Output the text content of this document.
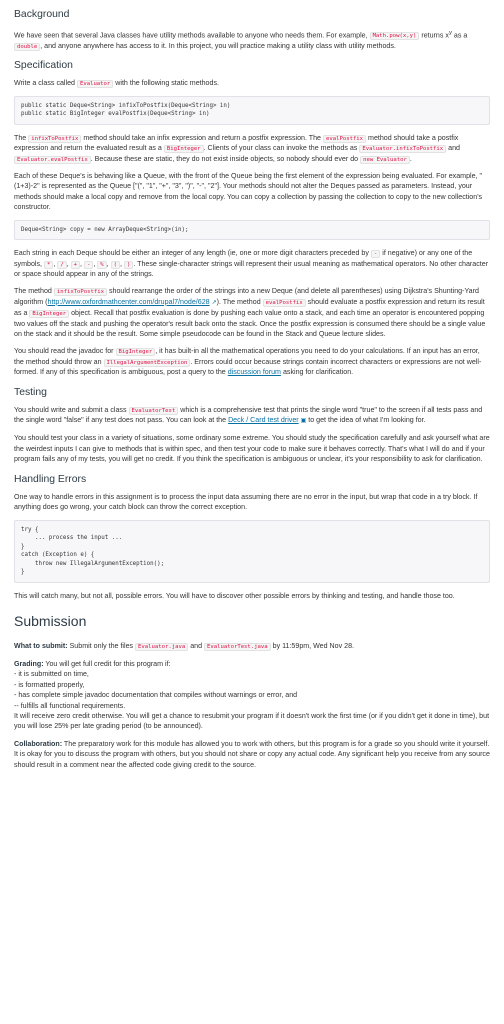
Background

We have seen that several Java classes have utility methods available to anyone who needs them. For example, Math.pow(x,y) returns $x^y$ as a double , and anyone anywhere has access to it. In this project, you will practice making a utility class with utility methods.

Specification

Write a class called Evaluator with the following static methods.

public static Deque<String> infixToPostfix(Deque<String> in)
public static BigInteger evalPostfix(Deque<String> in)

The infixToPostfix method should take an infix expression and return a postfix expression. The evalPostfix method should take a postfix expression and return the evaluated result as a BigInteger . Clients of your class can invoke the methods as Evaluator.infixToPostfix and Evaluator.evalPostfix . Because these are static, they do not exist inside objects, so nobody should ever do new Evaluator .

Each of these Deque's is behaving like a Queue, with the front of the Queue being the first element of the expression being evaluated. For example, "(1+3)-2" is represented as the Queue ["(", "1", "+", "3", ")", "-", "2"]. Your methods should not alter the Deques passed as parameters. Instead, your methods should make a local copy and remove from the local copy. You can copy a collection by passing the collection to copy to the new collection's constructor.

Deque<String> copy = new ArrayDeque<String>(in);

Each string in each Deque should be either an integer of any length (ie, one or more digit characters preceded by - if negative) or any one of the symbols, * , / , + , - , % , ( , ) . These single-character strings will represent their usual meaning as mathematical operators. No other character or space should appear in any of the strings.

The method infixToPostfix should rearrange the order of the strings into a new Deque (and delete all parentheses) using Dijkstra's Shunting-Yard algorithm (http://www.oxfordmathcenter.com/drupal7/node/628 ↗). The method evalPostfix should evaluate a postfix expression and return its result as a BigInteger object. Recall that postfix evaluation is done by pushing each value onto a stack, and each time an operator is encountered popping two values off the stack and pushing the operator's result back onto the stack. Once the postfix expression is consumed there should be a single value on the stack and it should be the result. Some simple pseudocode can be found in the Stack and Queue lecture slides.

You should read the javadoc for BigInteger , it has built-in all the mathematical operations you need to do your calculations. If an input has an error, the method should throw an IllegalArgumentException . Errors could occur because strings contain incorrect characters or expressions are not well-formed. If any of this specification is ambiguous, post a query to the discussion forum asking for clarification.

Testing

You should write and submit a class EvaluatorTest which is a comprehensive test that prints the single word "true" to the screen if all tests pass and the single word "false" if any test does not pass. You can look at the Deck / Card test driver ▣ to get the idea of what I'm looking for.

You should test your class in a variety of situations, some ordinary some extreme. You should study the specification carefully and ask yourself what are the weirdest inputs I can give to methods that is within spec, and then test your code to make sure it behaves correctly. That's what I will do and if your program fails any of my tests, you will get no credit. If you think the specification is ambiguous or unclear, it's your responsibility to ask for clarification.

Handling Errors

One way to handle errors in this assignment is to process the input data assuming there are no error in the input, but wrap that code in a try block. If anything does go wrong, your catch block can throw the correct exception.

try {
... process the input ...
}
catch (Exception e) {
throw new IllegalArgumentException();
}

This will catch many, but not all, possible errors. You will have to discover other possible errors by thinking and testing, and handle those too.

Submission

What to submit: Submit only the files Evaluator.java and EvaluatorTest.java by 11:59pm, Wed Nov 28.

Grading: You will get full credit for this program if:
- it is submitted on time,
- is formatted properly,
- has complete simple javadoc documentation that compiles without warnings or error, and
-- fulfills all functional requirements.
It will receive zero credit otherwise. You will get a chance to resubmit your program if it doesn't work the first time (or if you didn't get it done in time), but you will lose 25% per late grading period (to be announced).

Collaboration: The preparatory work for this module has allowed you to work with others, but this program is for a grade so you should write it yourself. It is okay for you to discuss the program with others, but you should not share or copy any actual code. Any significant help you receive from any source should result in a comment near the affected code giving credit to the source.
